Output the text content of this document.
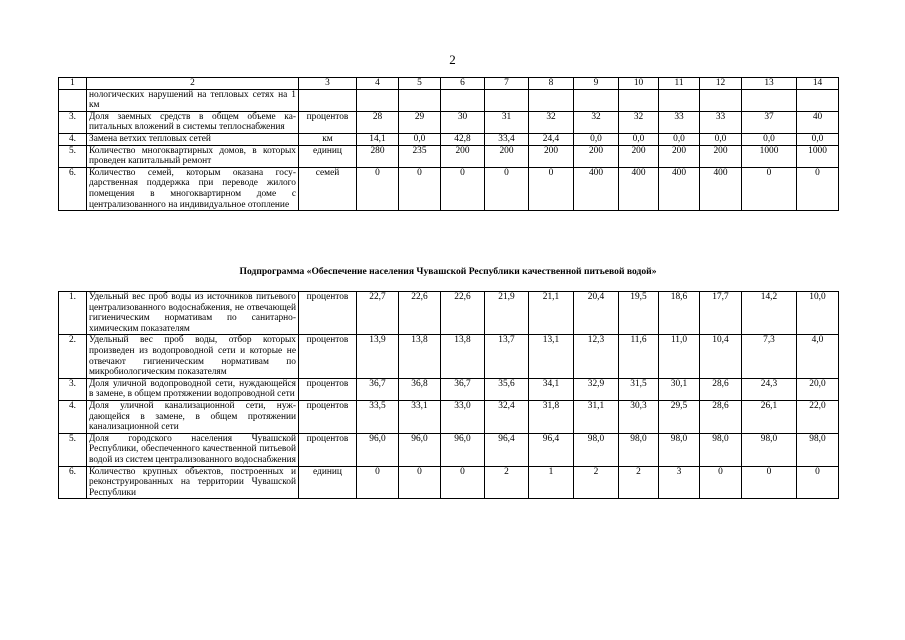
2
1	2	3	4	5	6	7	8	9	10	11	12	13	14
	нологических нарушений на тепловых сетях на 1 км												
3.	Доля заемных средств в общем объеме капитальных вложений в системы теплоснабжения	процентов	28	29	30	31	32	32	32	33	33	37	40
4.	Замена ветхих тепловых сетей	км	14,1	0,0	42,8	33,4	24,4	0,0	0,0	0,0	0,0	0,0	0,0
5.	Количество многоквартирных домов, в которых проведен капитальный ремонт	единиц	280	235	200	200	200	200	200	200	200	1000	1000
6.	Количество семей, которым оказана государственная поддержка при переводе жилого помещения в многоквартирном доме с централизованного на индивидуальное отопление	семей	0	0	0	0	0	400	400	400	400	0	0
Подпрограмма «Обеспечение населения Чувашской Республики качественной питьевой водой»
1.	Удельный вес проб воды из источников питьевого централизованного водоснабжения, не отвечающей гигиеническим нормативам по санитарно-химическим показателям	процентов	22,7	22,6	22,6	21,9	21,1	20,4	19,5	18,6	17,7	14,2	10,0
2.	Удельный вес проб воды, отбор которых произведен из водопроводной сети и которые не отвечают гигиеническим нормативам по микробиологическим показателям	процентов	13,9	13,8	13,8	13,7	13,1	12,3	11,6	11,0	10,4	7,3	4,0
3.	Доля уличной водопроводной сети, нуждающейся в замене, в общем протяжении водопроводной сети	процентов	36,7	36,8	36,7	35,6	34,1	32,9	31,5	30,1	28,6	24,3	20,0
4.	Доля уличной канализационной сети, нуждающейся в замене, в общем протяжении канализационной сети	процентов	33,5	33,1	33,0	32,4	31,8	31,1	30,3	29,5	28,6	26,1	22,0
5.	Доля городского населения Чувашской Республики, обеспеченного качественной питьевой водой из систем централизованного водоснабжения	процентов	96,0	96,0	96,0	96,4	96,4	98,0	98,0	98,0	98,0	98,0	98,0
6.	Количество крупных объектов, построенных и реконструированных на территории Чувашской Республики	единиц	0	0	0	2	1	2	2	3	0	0	0
